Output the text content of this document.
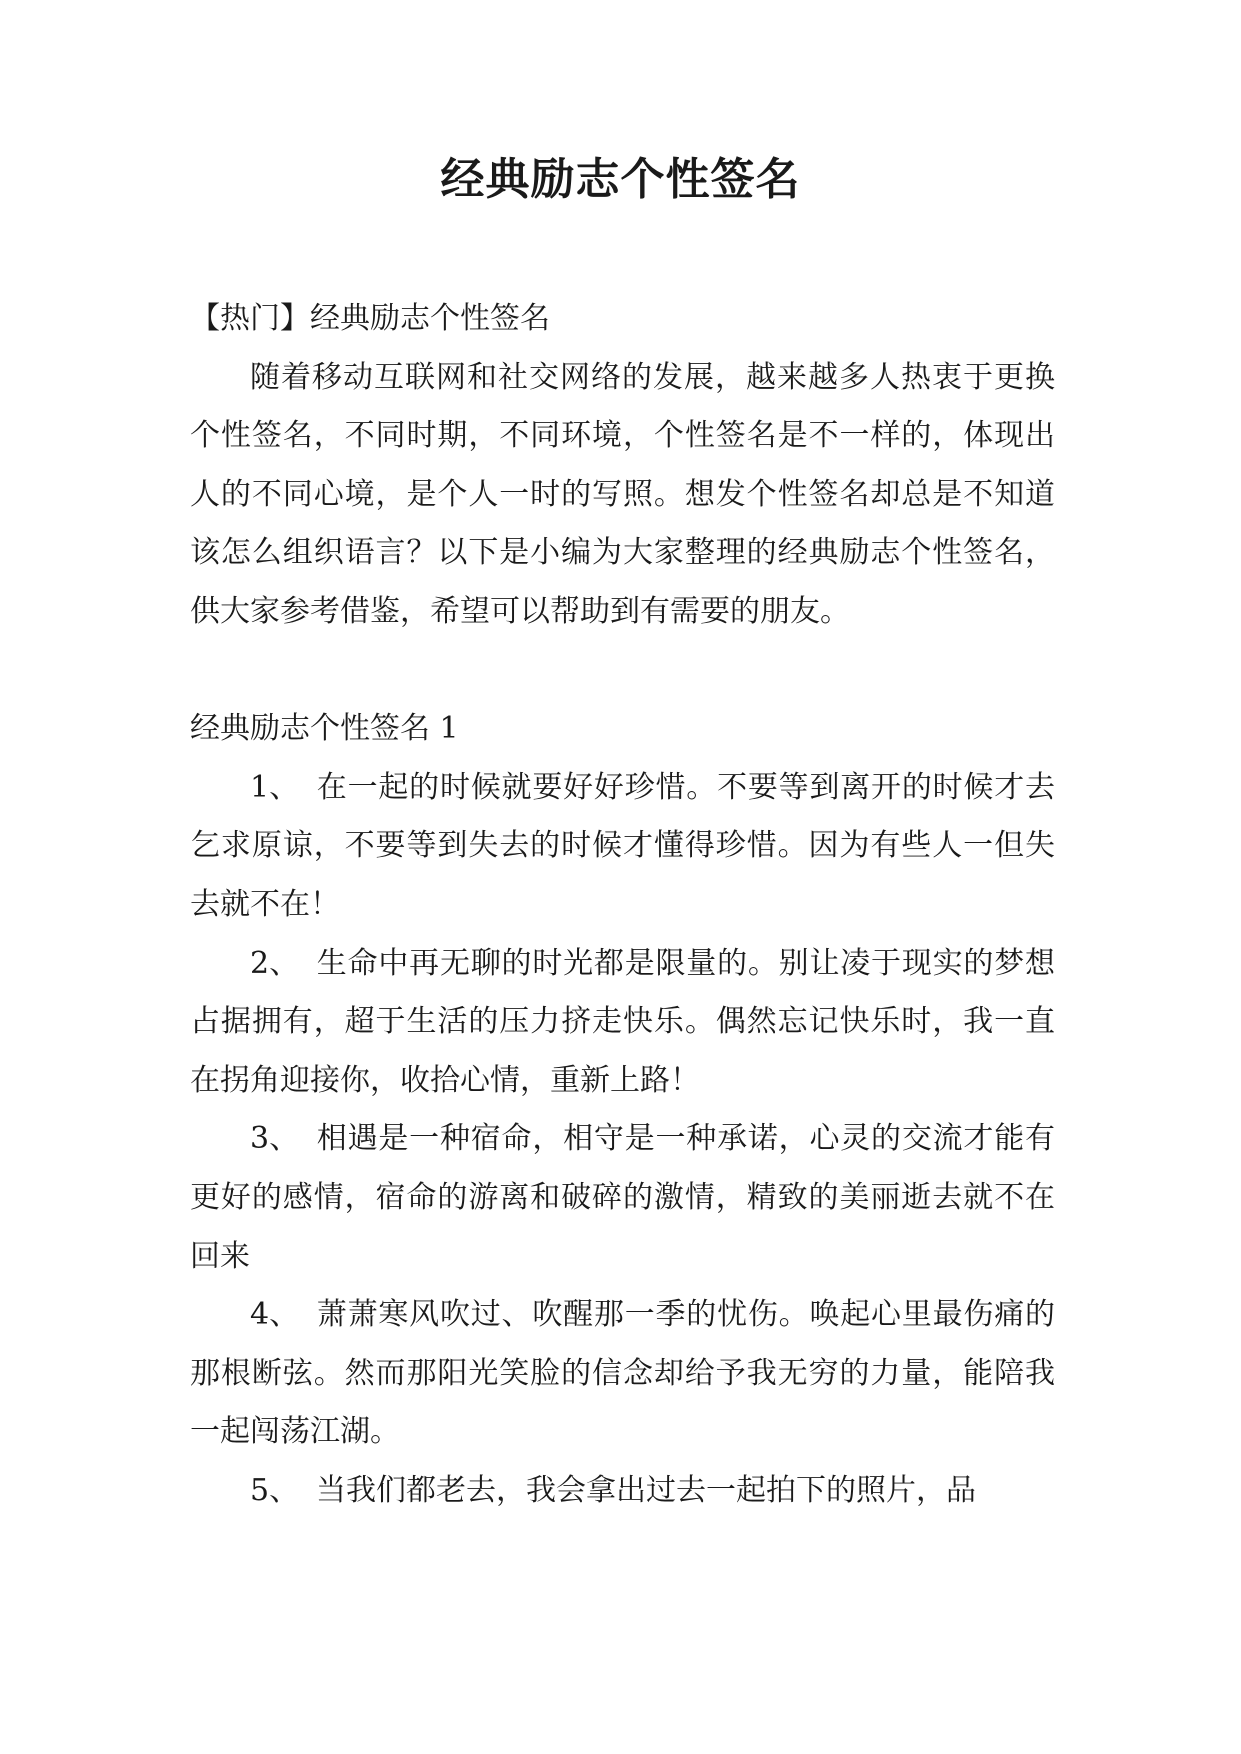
经典励志个性签名
【热门】经典励志个性签名

随着移动互联网和社交网络的发展，越来越多人热衷于更换个性签名，不同时期，不同环境，个性签名是不一样的，体现出人的不同心境，是个人一时的写照。想发个性签名却总是不知道该怎么组织语言？以下是小编为大家整理的经典励志个性签名，供大家参考借鉴，希望可以帮助到有需要的朋友。

经典励志个性签名 1

1、 在一起的时候就要好好珍惜。不要等到离开的时候才去乞求原谅，不要等到失去的时候才懂得珍惜。因为有些人一但失去就不在！

2、 生命中再无聊的时光都是限量的。别让凌于现实的梦想占据拥有，超于生活的压力挤走快乐。偶然忘记快乐时，我一直在拐角迎接你，收拾心情，重新上路！

3、 相遇是一种宿命，相守是一种承诺，心灵的交流才能有更好的感情，宿命的游离和破碎的激情，精致的美丽逝去就不在回来

4、 萧萧寒风吹过、吹醒那一季的忧伤。唤起心里最伤痛的那根断弦。然而那阳光笑脸的信念却给予我无穷的力量，能陪我一起闯荡江湖。

5、 当我们都老去，我会拿出过去一起拍下的照片，品
